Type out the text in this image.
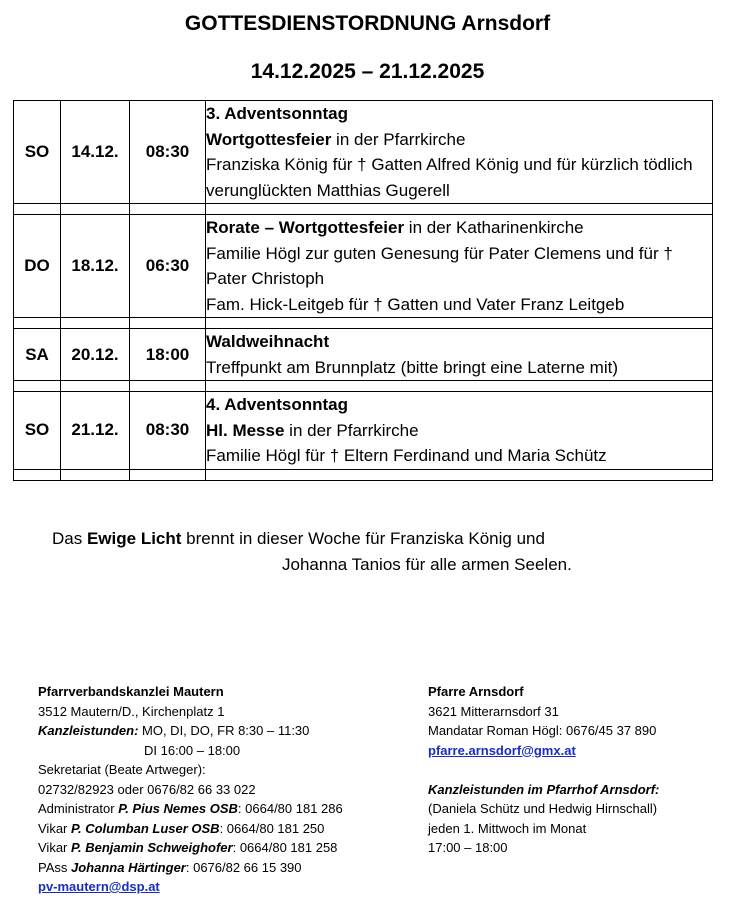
GOTTESDIENSTORDNUNG Arnsdorf
14.12.2025 – 21.12.2025
SO	14.12.	08:30	3. Adventsonntag
Wortgottesfeier in der Pfarrkirche
Franziska König für † Gatten Alfred König und für kürzlich tödlich verunglückten Matthias Gugerell

DO	18.12.	06:30	Rorate – Wortgottesfeier in der Katharinenkirche
Familie Högl zur guten Genesung für Pater Clemens und für † Pater Christoph
Fam. Hick-Leitgeb für † Gatten und Vater Franz Leitgeb

SA	20.12.	18:00	Waldweihnacht
Treffpunkt am Brunnplatz (bitte bringt eine Laterne mit)

SO	21.12.	08:30	4. Adventsonntag
Hl. Messe in der Pfarrkirche
Familie Högl für † Eltern Ferdinand und Maria Schütz

Das Ewige Licht brennt in dieser Woche für Franziska König und
Johanna Tanios für alle armen Seelen.
Pfarrverbandskanzlei Mautern
3512 Mautern/D., Kirchenplatz 1
Kanzleistunden: MO, DI, DO, FR 8:30 – 11:30
DI 16:00 – 18:00
Sekretariat (Beate Artweger):
02732/82923 oder 0676/82 66 33 022
Administrator P. Pius Nemes OSB: 0664/80 181 286
Vikar P. Columban Luser OSB: 0664/80 181 250
Vikar P. Benjamin Schweighofer: 0664/80 181 258
PAss Johanna Härtinger: 0676/82 66 15 390
pv-mautern@dsp.at
Pfarre Arnsdorf
3621 Mitterarnsdorf 31
Mandatar Roman Högl: 0676/45 37 890
pfarre.arnsdorf@gmx.at
Kanzleistunden im Pfarrhof Arnsdorf:
(Daniela Schütz und Hedwig Hirnschall)
jeden 1. Mittwoch im Monat
17:00 – 18:00
